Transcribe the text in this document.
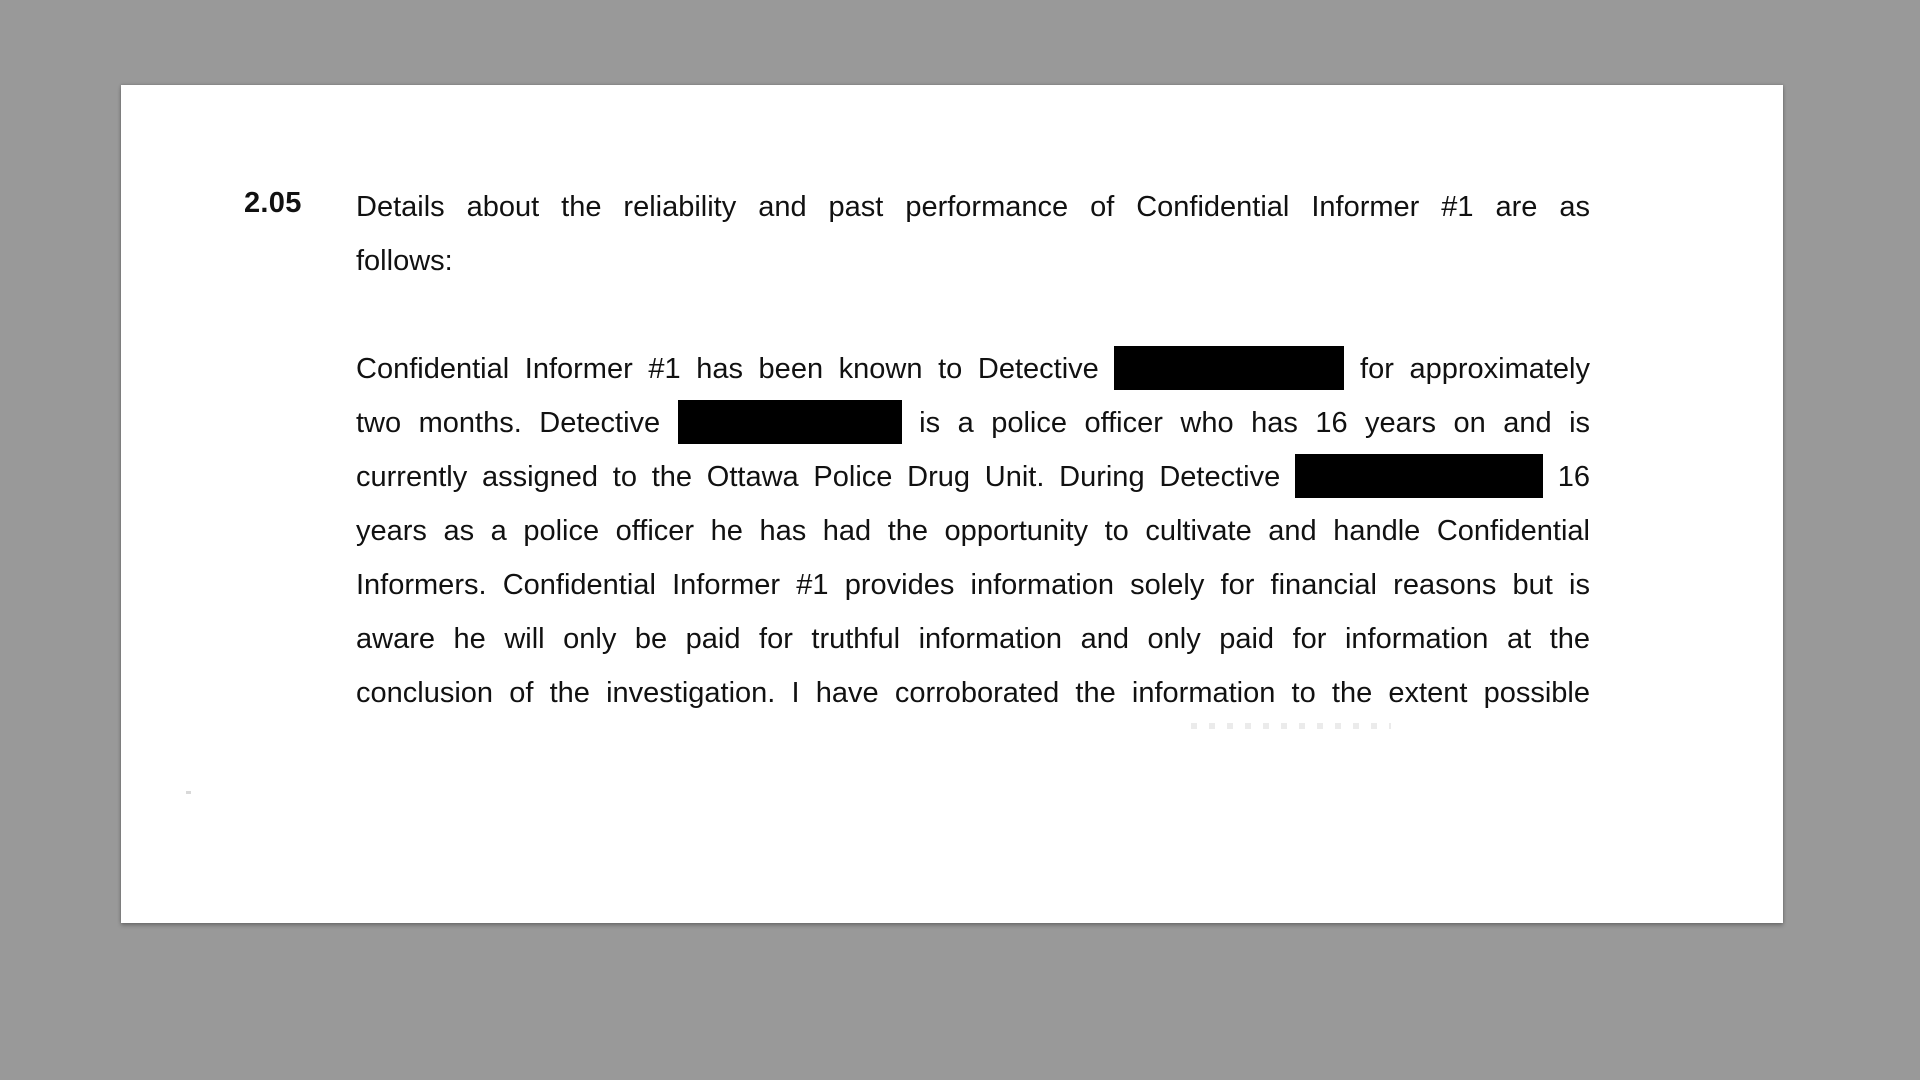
2.05 Details about the reliability and past performance of Confidential Informer #1 are as
follows:
Confidential Informer #1 has been known to Detective	for approximately
two months. Detective	is a police officer who has 16 years on and is
currently assigned to the Ottawa Police Drug Unit. During Detective	16
years as a police officer he has had the opportunity to cultivate and handle Confidential
Informers. Confidential Informer #1 provides information solely for financial reasons but is
aware he will only be paid for truthful information and only paid for information at the
conclusion of the investigation. I have corroborated the information to the extent possible
